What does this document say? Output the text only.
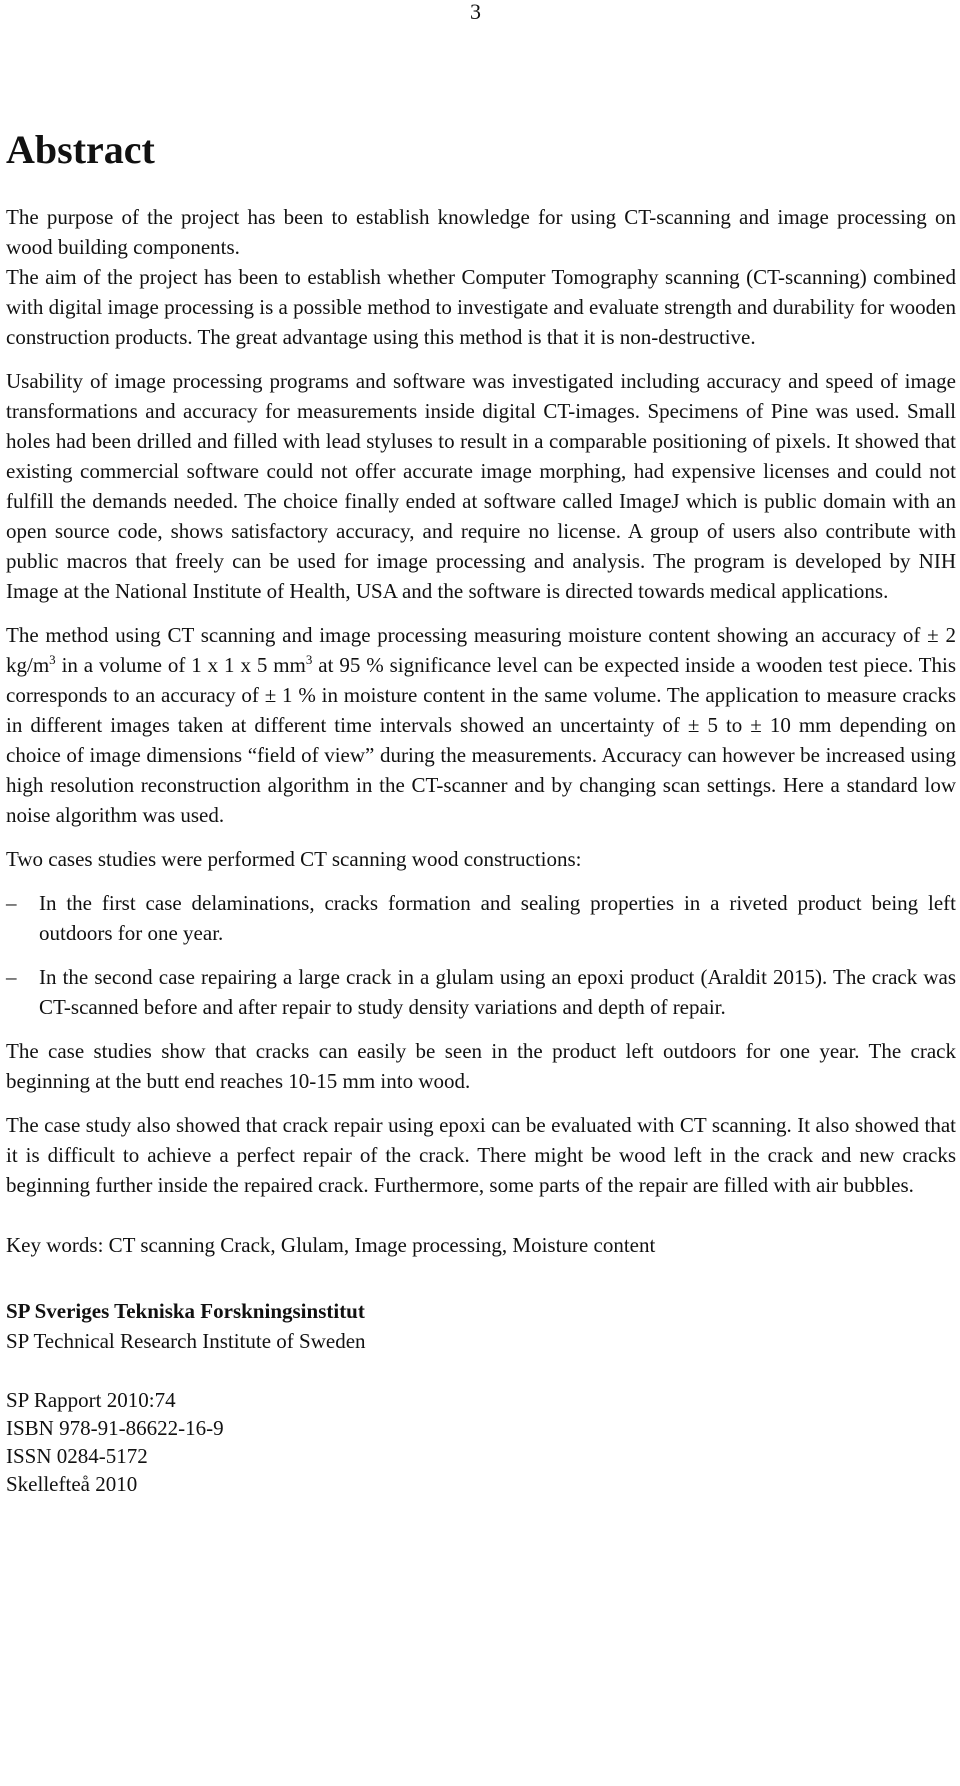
3
Abstract

The purpose of the project has been to establish knowledge for using CT-scanning and image processing on wood building components.

The aim of the project has been to establish whether Computer Tomography scanning (CT-scanning) combined with digital image processing is a possible method to investigate and evaluate strength and durability for wooden construction products. The great advantage using this method is that it is non-destructive.

Usability of image processing programs and software was investigated including accuracy and speed of image transformations and accuracy for measurements inside digital CT-images. Specimens of Pine was used. Small holes had been drilled and filled with lead styluses to result in a comparable positioning of pixels. It showed that existing commercial software could not offer accurate image morphing, had expensive licenses and could not fulfill the demands needed. The choice finally ended at software called ImageJ which is public domain with an open source code, shows satisfactory accuracy, and require no license. A group of users also contribute with public macros that freely can be used for image processing and analysis. The program is developed by NIH Image at the National Institute of Health, USA and the software is directed towards medical applications.

The method using CT scanning and image processing measuring moisture content showing an accuracy of ± 2 $kg/m^3$ in a volume of 1 x 1 x 5 $mm^3$ at 95 % significance level can be expected inside a wooden test piece. This corresponds to an accuracy of ± 1 % in moisture content in the same volume. The application to measure cracks in different images taken at different time intervals showed an uncertainty of ± 5 to ± 10 mm depending on choice of image dimensions “field of view” during the measurements. Accuracy can however be increased using high resolution reconstruction algorithm in the CT-scanner and by changing scan settings. Here a standard low noise algorithm was used.

Two cases studies were performed CT scanning wood constructions:

– In the first case delaminations, cracks formation and sealing properties in a riveted product being left outdoors for one year.
– In the second case repairing a large crack in a glulam using an epoxi product (Araldit 2015). The crack was CT-scanned before and after repair to study density variations and depth of repair.

The case studies show that cracks can easily be seen in the product left outdoors for one year. The crack beginning at the butt end reaches 10-15 mm into wood.

The case study also showed that crack repair using epoxi can be evaluated with CT scanning. It also showed that it is difficult to achieve a perfect repair of the crack. There might be wood left in the crack and new cracks beginning further inside the repaired crack. Furthermore, some parts of the repair are filled with air bubbles.

Key words: CT scanning Crack, Glulam, Image processing, Moisture content

SP Sveriges Tekniska Forskningsinstitut
SP Technical Research Institute of Sweden
SP Rapport 2010:74
ISBN 978-91-86622-16-9
ISSN 0284-5172
Skellefteå 2010
